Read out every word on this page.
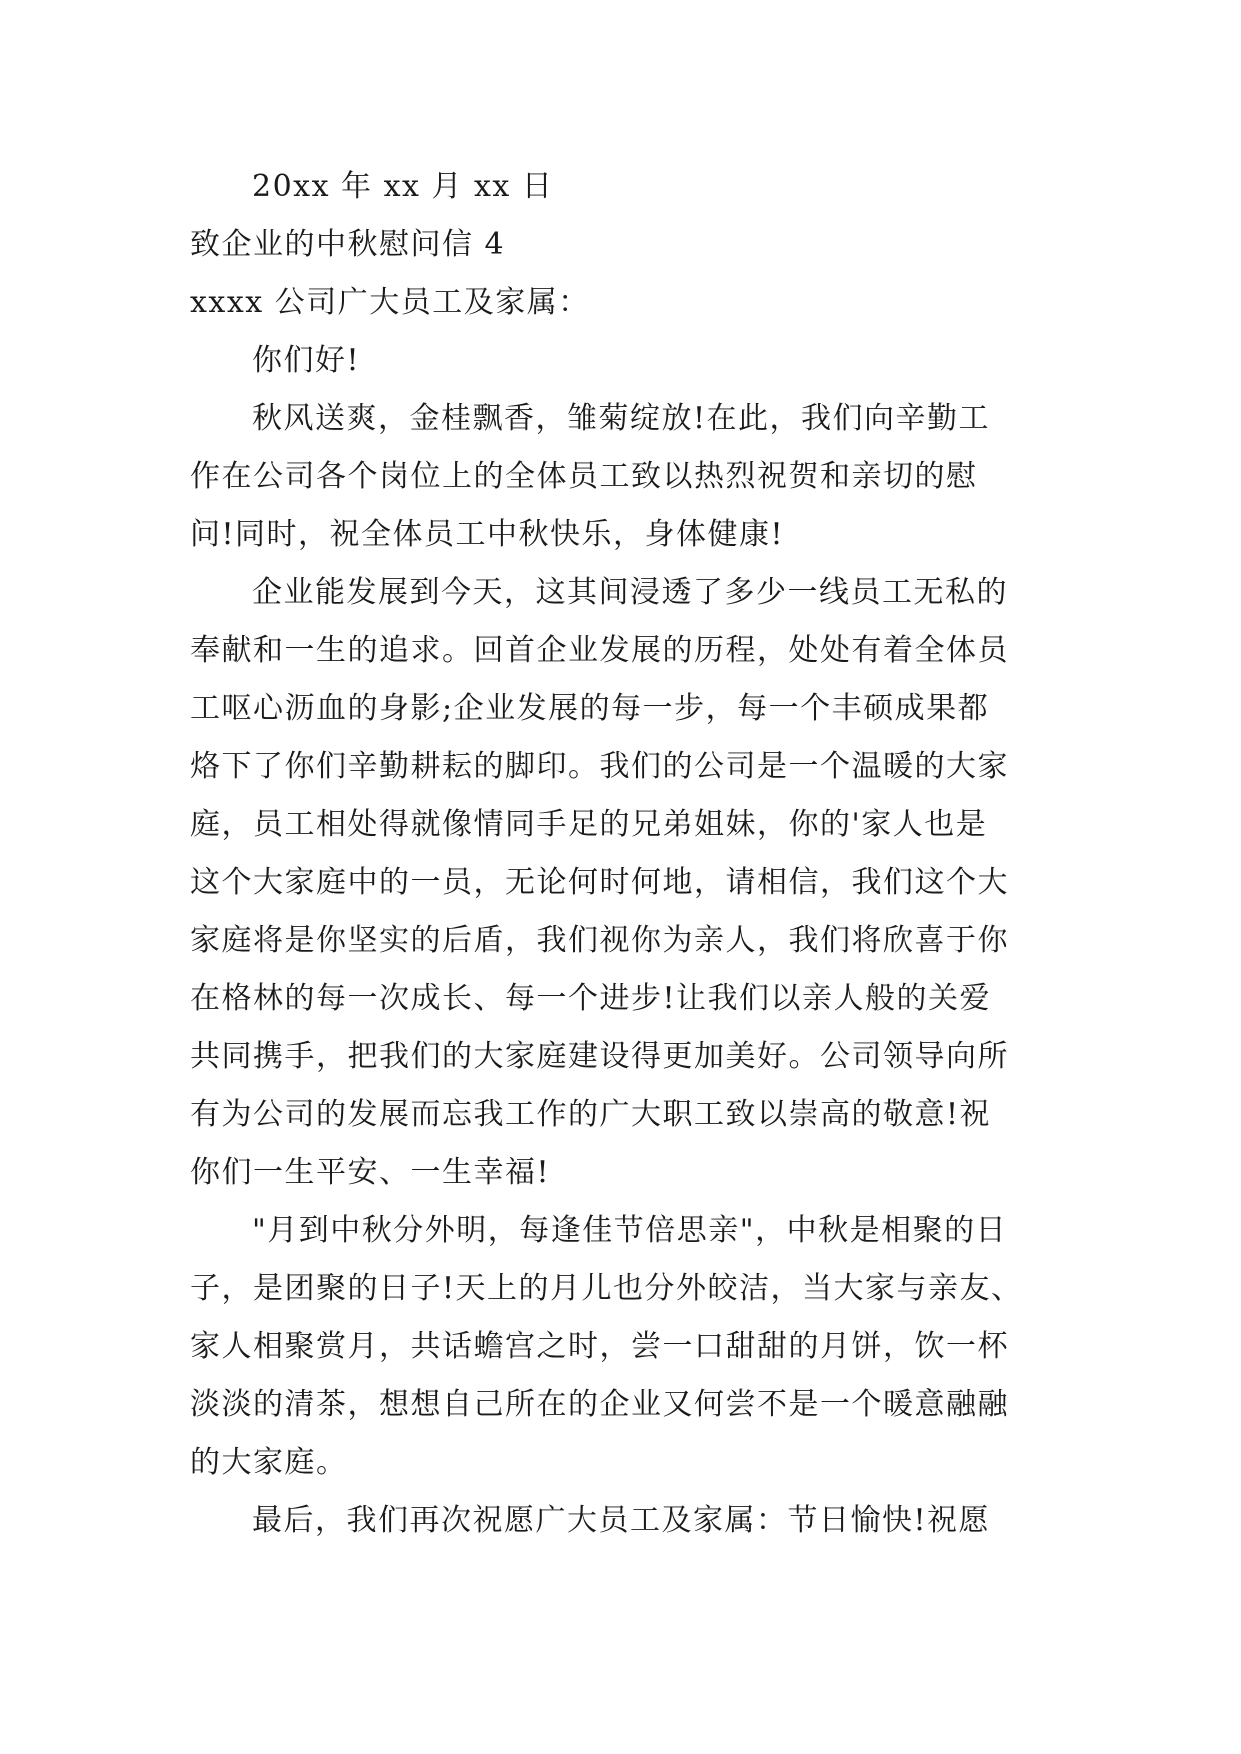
20xx 年 xx 月 xx 日

致企业的中秋慰问信 4

xxxx 公司广大员工及家属：

你们好!

秋风送爽，金桂飘香，雏菊绽放!在此，我们向辛勤工
作在公司各个岗位上的全体员工致以热烈祝贺和亲切的慰
问!同时，祝全体员工中秋快乐，身体健康!

企业能发展到今天，这其间浸透了多少一线员工无私的
奉献和一生的追求。回首企业发展的历程，处处有着全体员
工呕心沥血的身影;企业发展的每一步，每一个丰硕成果都
烙下了你们辛勤耕耘的脚印。我们的公司是一个温暖的大家
庭，员工相处得就像情同手足的兄弟姐妹，你的'家人也是
这个大家庭中的一员，无论何时何地，请相信，我们这个大
家庭将是你坚实的后盾，我们视你为亲人，我们将欣喜于你
在格林的每一次成长、每一个进步!让我们以亲人般的关爱
共同携手，把我们的大家庭建设得更加美好。公司领导向所
有为公司的发展而忘我工作的广大职工致以崇高的敬意!祝
你们一生平安、一生幸福!

"月到中秋分外明，每逢佳节倍思亲"，中秋是相聚的日
子，是团聚的日子!天上的月儿也分外皎洁，当大家与亲友、
家人相聚赏月，共话蟾宫之时，尝一口甜甜的月饼，饮一杯
淡淡的清茶，想想自己所在的企业又何尝不是一个暖意融融
的大家庭。

最后，我们再次祝愿广大员工及家属：节日愉快!祝愿
